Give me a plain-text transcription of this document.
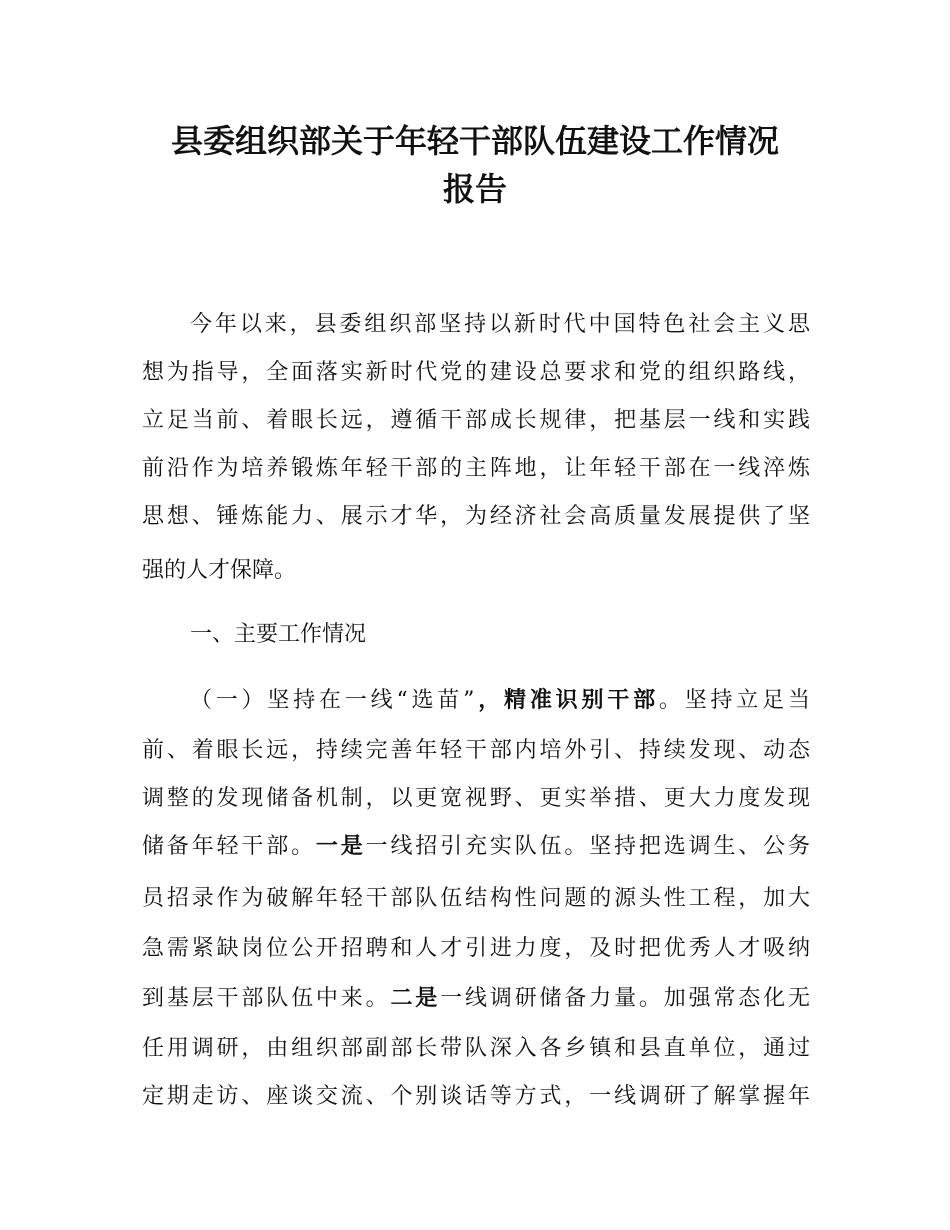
县委组织部关于年轻干部队伍建设工作情况
报告
今年以来，县委组织部坚持以新时代中国特色社会主义思
想为指导，全面落实新时代党的建设总要求和党的组织路线，
立足当前、着眼长远，遵循干部成长规律，把基层一线和实践
前沿作为培养锻炼年轻干部的主阵地，让年轻干部在一线淬炼
思想、锤炼能力、展示才华，为经济社会高质量发展提供了坚
强的人才保障。
一、主要工作情况
（一）坚持在一线“选苗”，精准识别干部。坚持立足当
前、着眼长远，持续完善年轻干部内培外引、持续发现、动态
调整的发现储备机制，以更宽视野、更实举措、更大力度发现
储备年轻干部。一是一线招引充实队伍。坚持把选调生、公务
员招录作为破解年轻干部队伍结构性问题的源头性工程，加大
急需紧缺岗位公开招聘和人才引进力度，及时把优秀人才吸纳
到基层干部队伍中来。二是一线调研储备力量。加强常态化无
任用调研，由组织部副部长带队深入各乡镇和县直单位，通过
定期走访、座谈交流、个别谈话等方式，一线调研了解掌握年
